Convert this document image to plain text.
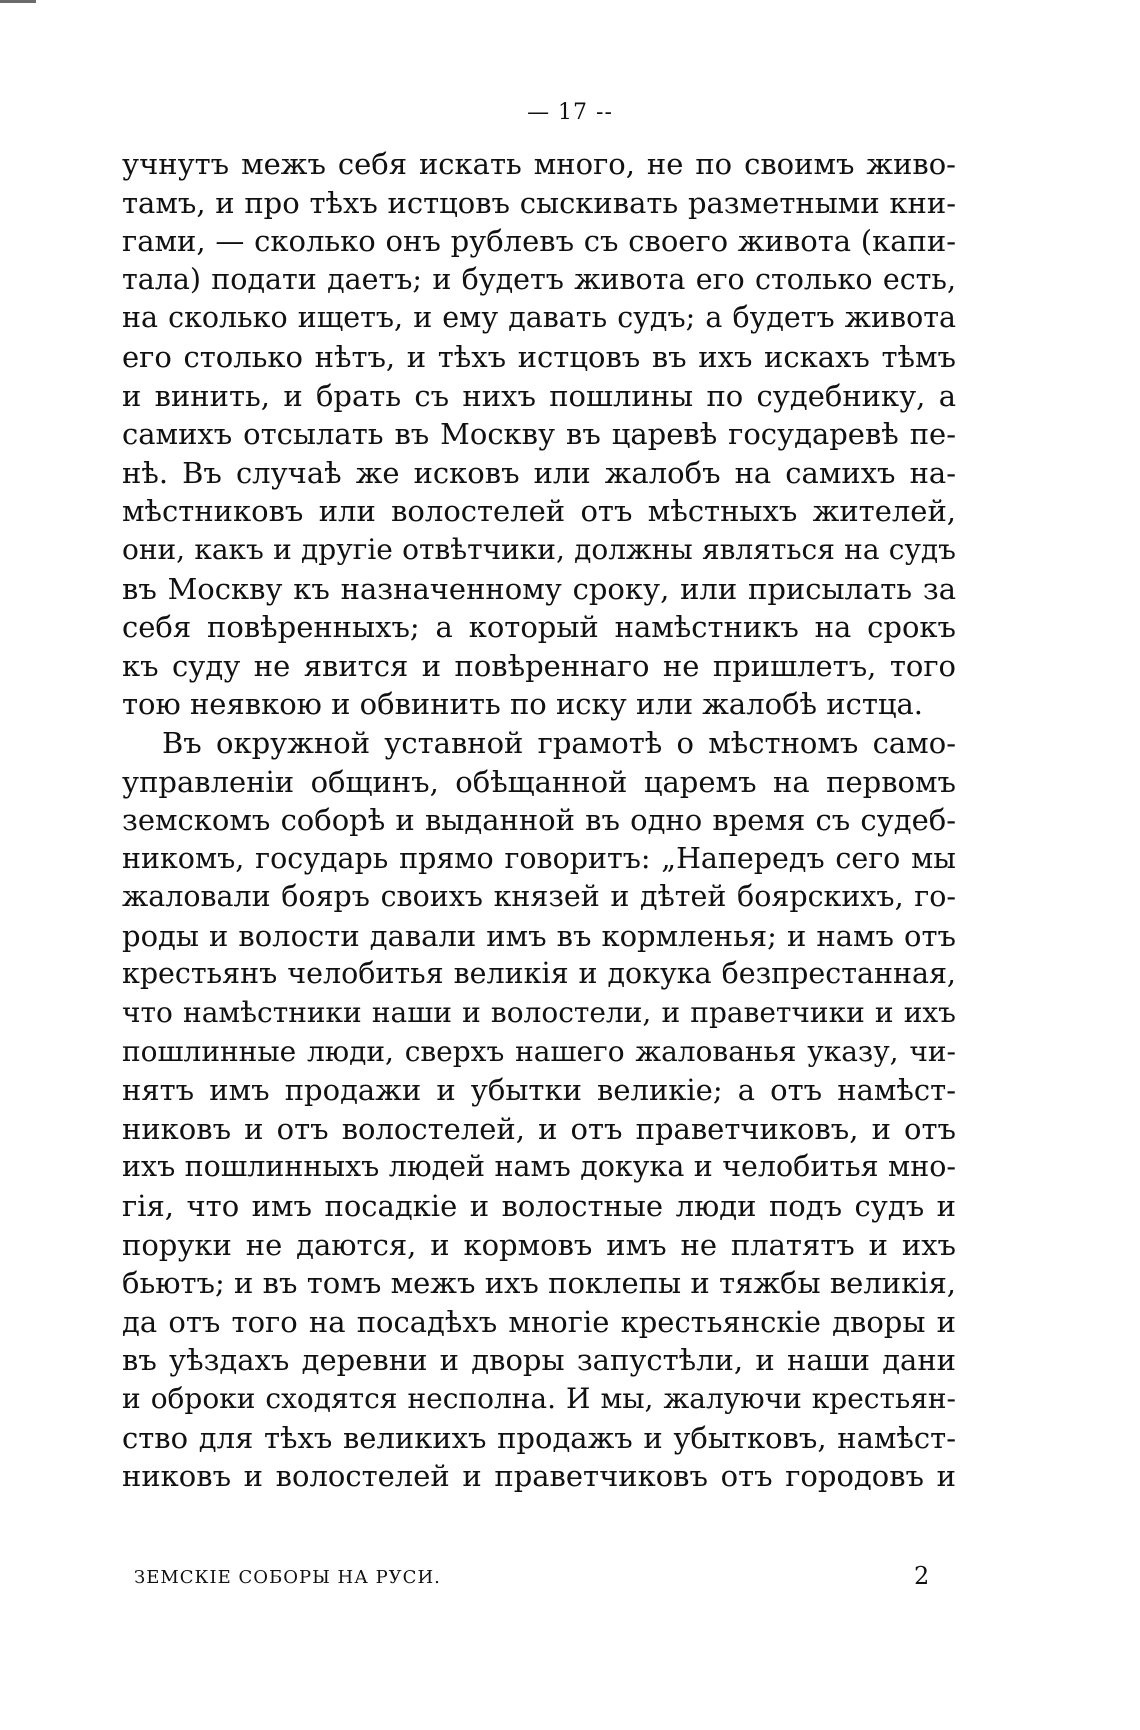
— 17 --
учнутъ межъ себя искать много, не по своимъ живо-
тамъ, и про тѣхъ истцовъ сыскивать разметными кни-
гами, — сколько онъ рублевъ съ своего живота (капи-
тала) подати даетъ; и будетъ живота его столько есть,
на сколько ищетъ, и ему давать судъ; а будетъ живота
его столько нѣтъ, и тѣхъ истцовъ въ ихъ искахъ тѣмъ
и винить, и брать съ нихъ пошлины по судебнику, а
самихъ отсылать въ Москву въ царевѣ государевѣ пе-
нѣ. Въ случаѣ же исковъ или жалобъ на самихъ на-
мѣстниковъ или волостелей отъ мѣстныхъ жителей,
они, какъ и другіе отвѣтчики, должны являться на судъ
въ Москву къ назначенному сроку, или присылать за
себя повѣренныхъ; а который намѣстникъ на срокъ
къ суду не явится и повѣреннаго не пришлетъ, того
тою неявкою и обвинить по иску или жалобѣ истца.
Въ окружной уставной грамотѣ о мѣстномъ само-
управленіи общинъ, обѣщанной царемъ на первомъ
земскомъ соборѣ и выданной въ одно время съ судеб-
никомъ, государь прямо говоритъ: „Напередъ сего мы
жаловали бояръ своихъ князей и дѣтей боярскихъ, го-
роды и волости давали имъ въ кормленья; и намъ отъ
крестьянъ челобитья великія и докука безпрестанная,
что намѣстники наши и волостели, и праветчики и ихъ
пошлинные люди, сверхъ нашего жалованья указу, чи-
нятъ имъ продажи и убытки великіе; а отъ намѣст-
никовъ и отъ волостелей, и отъ праветчиковъ, и отъ
ихъ пошлинныхъ людей намъ докука и челобитья мно-
гія, что имъ посадкіе и волостные люди подъ судъ и
поруки не даются, и кормовъ имъ не платятъ и ихъ
бьютъ; и въ томъ межъ ихъ поклепы и тяжбы великія,
да отъ того на посадѣхъ многіе крестьянскіе дворы и
въ уѣздахъ деревни и дворы запустѣли, и наши дани
и оброки сходятся несполна. И мы, жалуючи крестьян-
ство для тѣхъ великихъ продажъ и убытковъ, намѣст-
никовъ и волостелей и праветчиковъ отъ городовъ и
ЗЕМСКІЕ СОБОРЫ НА РУСИ.	2
